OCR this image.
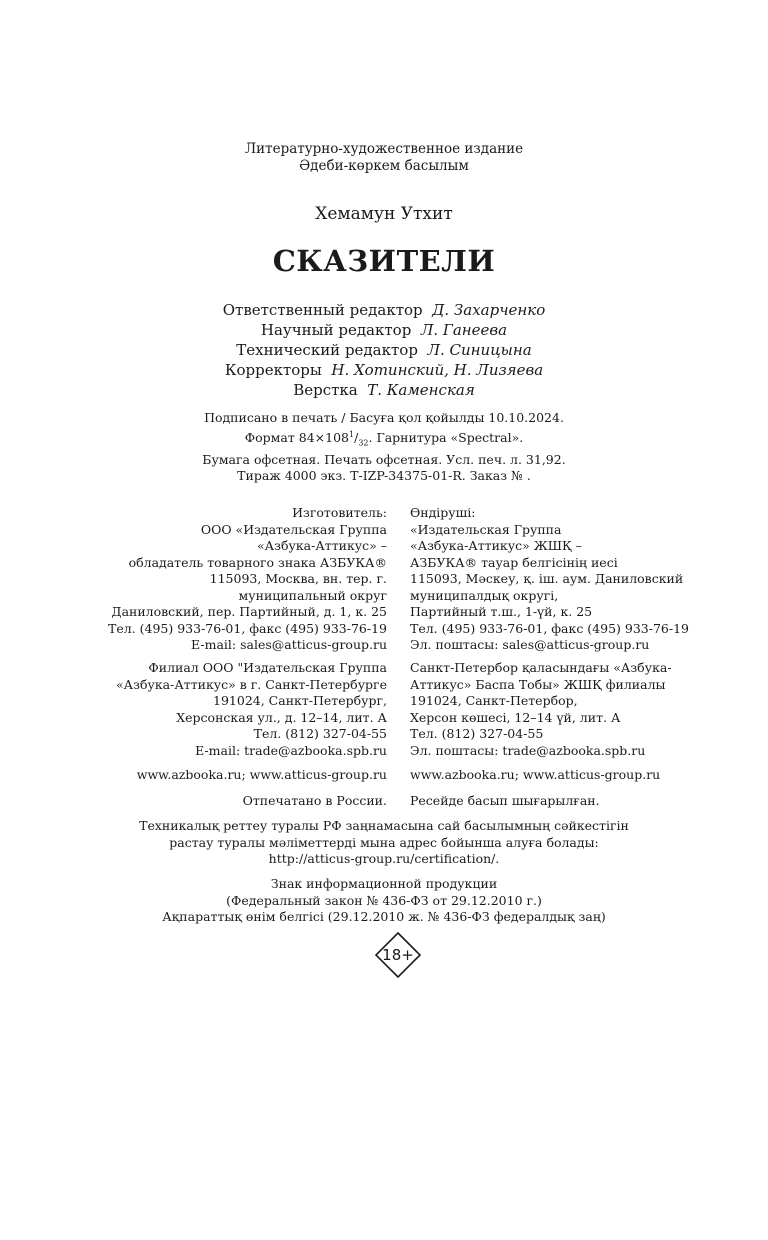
Литературно-художественное издание
Әдеби-көркем басылым
Хемамун Утхит
СКАЗИТЕЛИ
Ответственный редактор Д. Захарченко
Научный редактор Л. Ганеева
Технический редактор Л. Синицына
Корректоры Н. Хотинский, Н. Лизяева
Верстка Т. Каменская
Подписано в печать / Басуға қол қойылды 10.10.2024.
Формат $84\times 108^1/_{32}$. Гарнитура «Spectral».
Бумага офсетная. Печать офсетная. Усл. печ. л. 31,92.
Тираж 4000 экз. Т-IZP-34375-01-R. Заказ № .
Изготовитель:
ООО «Издательская Группа
«Азбука-Аттикус» –
обладатель товарного знака АЗБУКА®
115093, Москва, вн. тер. г.
муниципальный округ
Даниловский, пер. Партийный, д. 1, к. 25
Тел. (495) 933-76-01, факс (495) 933-76-19
E-mail: sales@atticus-group.ru
Өндіруші:
«Издательская Группа
«Азбука-Аттикус» ЖШҚ –
АЗБУКА® тауар белгісінің иесі
115093, Мәскеу, қ. іш. аум. Даниловский
муниципалдық округі,
Партийный т.ш., 1-үй, к. 25
Тел. (495) 933-76-01, факс (495) 933-76-19
Эл. поштасы: sales@atticus-group.ru
Филиал ООО "Издательская Группа
«Азбука-Аттикус» в г. Санкт-Петербурге
191024, Санкт-Петербург,
Херсонская ул., д. 12–14, лит. А
Тел. (812) 327-04-55
E-mail: trade@azbooka.spb.ru
Санкт-Петербор қаласындағы «Азбука-
Аттикус» Баспа Тобы» ЖШҚ филиалы
191024, Санкт-Петербор,
Херсон көшесі, 12–14 үй, лит. А
Тел. (812) 327-04-55
Эл. поштасы: trade@azbooka.spb.ru
www.azbooka.ru; www.atticus-group.ru www.azbooka.ru; www.atticus-group.ru
Отпечатано в России. Ресейде басып шығарылған.
Техникалық реттеу туралы РФ заңнамасына сай басылымның сәйкестігін
растау туралы мәліметтерді мына адрес бойынша алуға болады:
http://atticus-group.ru/certification/.
Знак информационной продукции
(Федеральный закон № 436-ФЗ от 29.12.2010 г.)
Ақпараттық өнім белгісі (29.12.2010 ж. № 436-ФЗ федералдық заң)
18+
